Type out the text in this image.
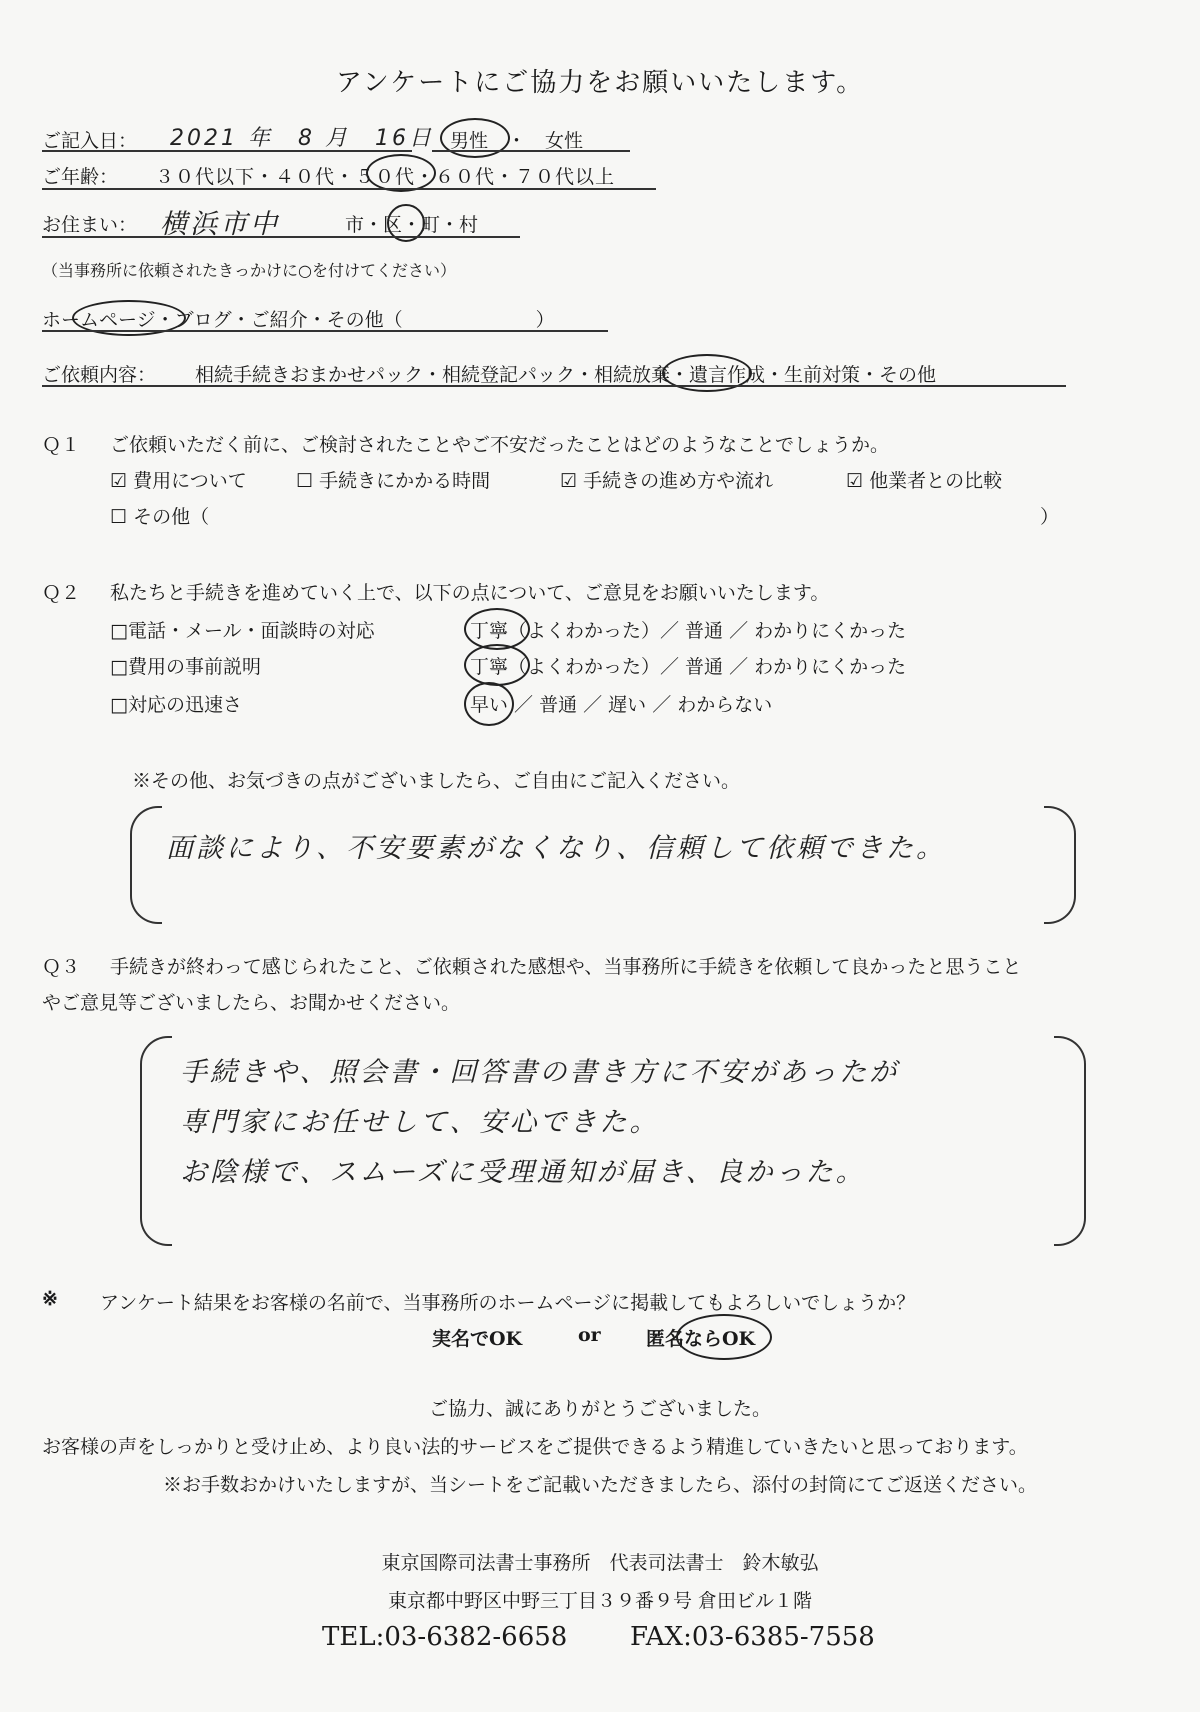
アンケートにご協力をお願いいたします。
ご記入日： 2021 年　8 月　16日 男性　・　女性
ご年齢： ３０代以下・４０代・５０代・６０代・７０代以上
お住まい： 横浜市中	市・区・町・村
（当事務所に依頼されたきっかけに○を付けてください）
ホームページ・ブログ・ご紹介・その他（　　　　　　　）
ご依頼内容： 相続手続きおまかせパック・相続登記パック・相続放棄・遺言作成・生前対策・その他
Ｑ１ ご依頼いただく前に、ご検討されたことやご不安だったことはどのようなことでしょうか。
☑ 費用について	☐ 手続きにかかる時間	☑ 手続きの進め方や流れ	☑ 他業者との比較
☐ その他（	）
Ｑ２ 私たちと手続きを進めていく上で、以下の点について、ご意見をお願いいたします。
□電話・メール・面談時の対応	丁寧（よくわかった）／ 普通 ／ わかりにくかった
□費用の事前説明	丁寧（よくわかった）／ 普通 ／ わかりにくかった
□対応の迅速さ	早い ／ 普通 ／ 遅い ／ わからない
※その他、お気づきの点がございましたら、ご自由にご記入ください。
面談により、不安要素がなくなり、信頼して依頼できた。
Ｑ３ 手続きが終わって感じられたこと、ご依頼された感想や、当事務所に手続きを依頼して良かったと思うこと
やご意見等ございましたら、お聞かせください。
手続きや、照会書・回答書の書き方に不安があったが
専門家にお任せして、安心できた。
お陰様で、スムーズに受理通知が届き、良かった。
※ アンケート結果をお客様の名前で、当事務所のホームページに掲載してもよろしいでしょうか？
実名でOK	or 匿名ならOK
ご協力、誠にありがとうございました。
お客様の声をしっかりと受け止め、より良い法的サービスをご提供できるよう精進していきたいと思っております。
※お手数おかけいたしますが、当シートをご記載いただきましたら、添付の封筒にてご返送ください。
東京国際司法書士事務所　代表司法書士　鈴木敏弘
東京都中野区中野三丁目３９番９号 倉田ビル１階
TEL:03-6382-6658 FAX:03-6385-7558
